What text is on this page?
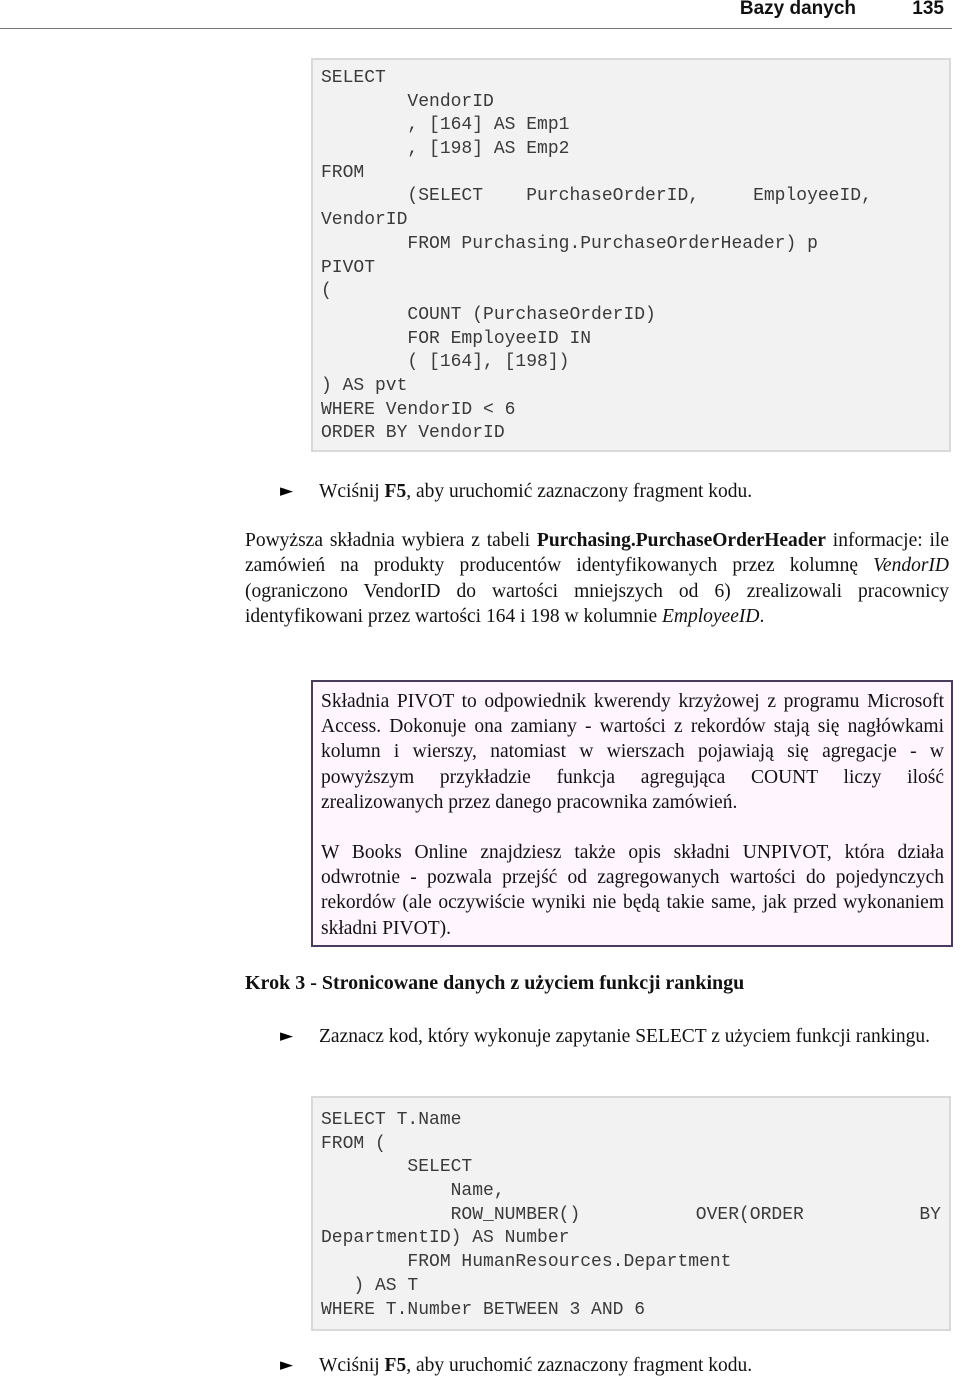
Bazy danych	135
SELECT
VendorID
, [164] AS Emp1
, [198] AS Emp2
FROM
(SELECT    PurchaseOrderID,     EmployeeID,
VendorID
FROM Purchasing.PurchaseOrderHeader) p
PIVOT
(
COUNT (PurchaseOrderID)
FOR EmployeeID IN
( [164], [198])
) AS pvt
WHERE VendorID < 6
ORDER BY VendorID
► Wciśnij F5, aby uruchomić zaznaczony fragment kodu.
Powyższa składnia wybiera z tabeli Purchasing.PurchaseOrderHeader informacje: ile zamówień na produkty producentów identyfikowanych przez kolumnę VendorID (ograniczono VendorID do wartości mniejszych od 6) zrealizowali pracownicy identyfikowani przez wartości 164 i 198 w kolumnie EmployeeID.

Składnia PIVOT to odpowiednik kwerendy krzyżowej z programu Microsoft Access. Dokonuje ona zamiany - wartości z rekordów stają się nagłówkami kolumn i wierszy, natomiast w wierszach pojawiają się agregacje - w powyższym przykładzie funkcja agregująca COUNT liczy ilość zrealizowanych przez danego pracownika zamówień.

W Books Online znajdziesz także opis składni UNPIVOT, która działa odwrotnie - pozwala przejść od zagregowanych wartości do pojedynczych rekordów (ale oczywiście wyniki nie będą takie same, jak przed wykonaniem składni PIVOT).

Krok 3 - Stronicowane danych z użyciem funkcji rankingu
► Zaznacz kod, który wykonuje zapytanie SELECT z użyciem funkcji rankingu.
SELECT T.Name
FROM (
SELECT
Name,
ROW_NUMBER()	OVER(ORDER	BY
DepartmentID) AS Number
FROM HumanResources.Department
) AS T
WHERE T.Number BETWEEN 3 AND 6
► Wciśnij F5, aby uruchomić zaznaczony fragment kodu.
